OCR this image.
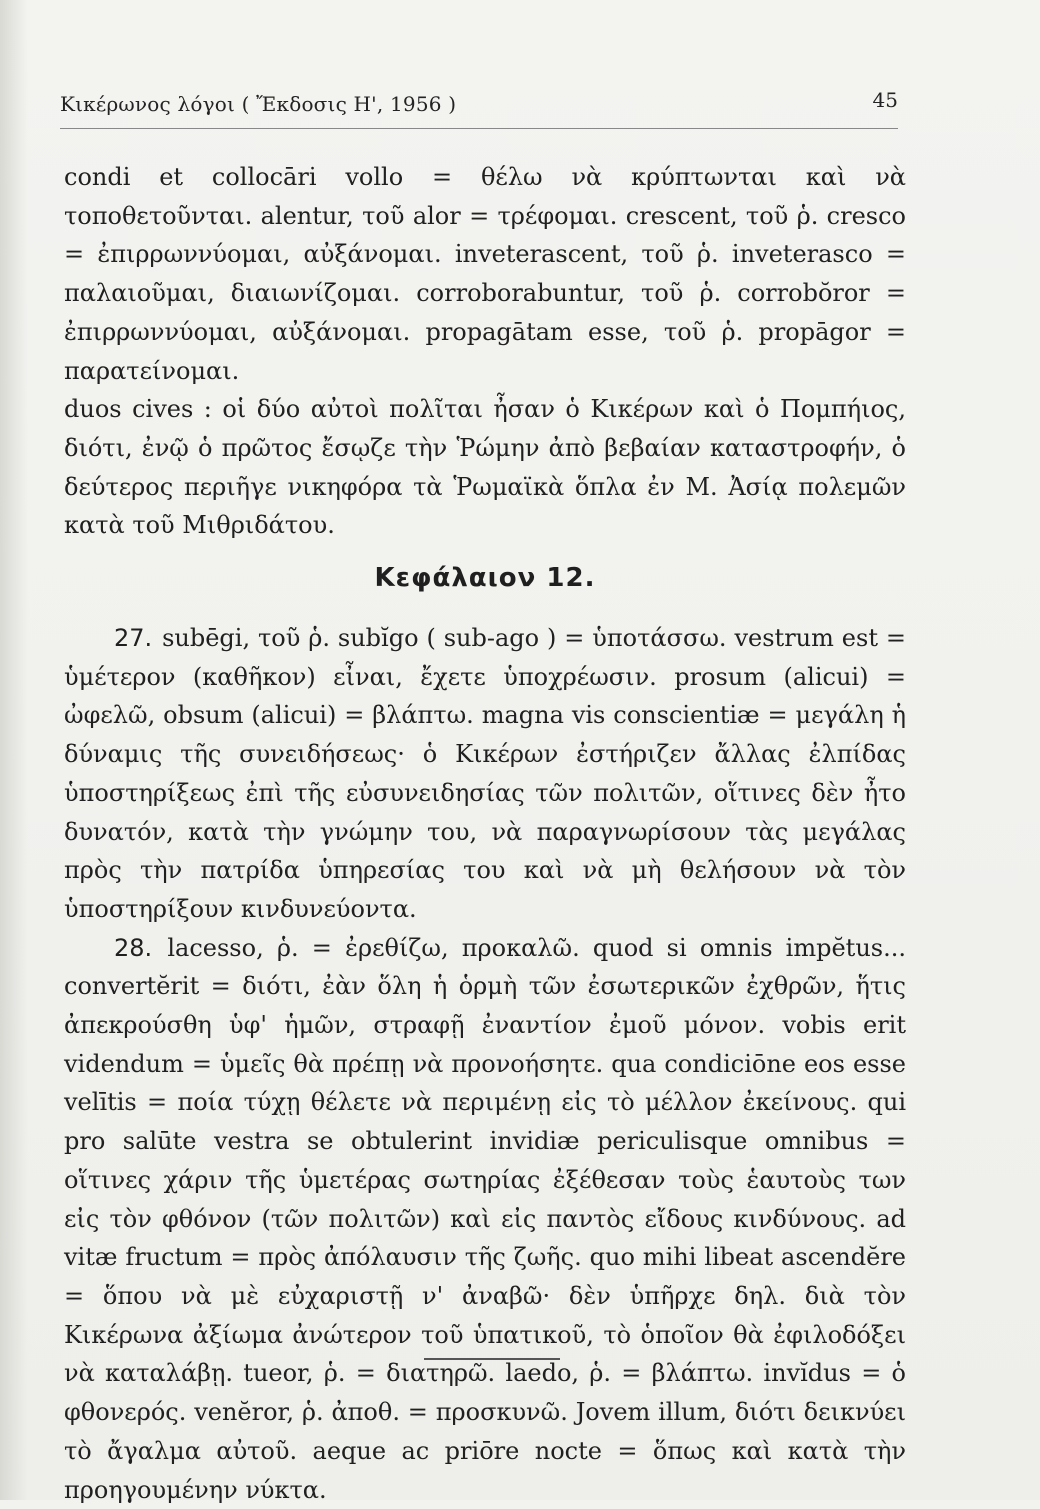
Κικέρωνος λόγοι ( Ἔκδοσις Η', 1956 )	45

condi et collocāri vollo = θέλω νὰ κρύπτωνται καὶ νὰ τοποθετοῦνται. alentur, τοῦ alor = τρέφομαι. crescent, τοῦ ῥ. cresco = ἐπιρρωννύομαι, αὐξάνομαι. inveterascent, τοῦ ῥ. inveterasco = παλαιοῦμαι, διαιωνίζομαι. corroborabuntur, τοῦ ῥ. corrobŏror = ἐπιρρωννύομαι, αὐξάνομαι. propagātam esse, τοῦ ῥ. propāgor = παρατείνομαι.

duos cives : οἱ δύο αὐτοὶ πολῖται ἦσαν ὁ Κικέρων καὶ ὁ Πομπήιος, διότι, ἐνῷ ὁ πρῶτος ἔσῳζε τὴν Ῥώμην ἀπὸ βεβαίαν καταστροφήν, ὁ δεύτερος περιῆγε νικηφόρα τὰ Ῥωμαϊκὰ ὅπλα ἐν Μ. Ἀσίᾳ πολεμῶν κατὰ τοῦ Μιθριδάτου.

Κεφάλαιον 12.

27. subēgi, τοῦ ῥ. subĭgo ( sub-ago ) = ὑποτάσσω. vestrum est = ὑμέτερον (καθῆκον) εἶναι, ἔχετε ὑποχρέωσιν. prosum (alicui) = ὠφελῶ, obsum (alicui) = βλάπτω. magna vis conscientiæ = μεγάλη ἡ δύναμις τῆς συνειδήσεως· ὁ Κικέρων ἐστήριζεν ἄλλας ἐλπίδας ὑποστηρίξεως ἐπὶ τῆς εὐσυνειδησίας τῶν πολιτῶν, οἵτινες δὲν ἦτο δυνατόν, κατὰ τὴν γνώμην του, νὰ παραγνωρίσουν τὰς μεγάλας πρὸς τὴν πατρίδα ὑπηρεσίας του καὶ νὰ μὴ θελήσουν νὰ τὸν ὑποστηρίξουν κινδυνεύοντα.

28. lacesso, ῥ. = ἐρεθίζω, προκαλῶ. quod si omnis impĕtus... convertĕrit = διότι, ἐὰν ὅλη ἡ ὁρμὴ τῶν ἐσωτερικῶν ἐχθρῶν, ἥτις ἀπεκρούσθη ὑφ' ἡμῶν, στραφῇ ἐναντίον ἐμοῦ μόνον. vobis erit videndum = ὑμεῖς θὰ πρέπῃ νὰ προνοήσητε. qua condiciōne eos esse velītis = ποία τύχῃ θέλετε νὰ περιμένῃ εἰς τὸ μέλλον ἐκείνους. qui pro salūte vestra se obtulerint invidiæ periculisque omnibus = οἵτινες χάριν τῆς ὑμετέρας σωτηρίας ἐξέθεσαν τοὺς ἑαυτοὺς των εἰς τὸν φθόνον (τῶν πολιτῶν) καὶ εἰς παντὸς εἴδους κινδύνους. ad vitæ fructum = πρὸς ἀπόλαυσιν τῆς ζωῆς. quo mihi libeat ascendĕre = ὅπου νὰ μὲ εὐχαριστῇ ν' ἀναβῶ· δὲν ὑπῆρχε δηλ. διὰ τὸν Κικέρωνα ἀξίωμα ἀνώτερον τοῦ ὑπατικοῦ, τὸ ὁποῖον θὰ ἐφιλοδόξει νὰ καταλάβῃ. tueor, ῥ. = διατηρῶ. laedo, ῥ. = βλάπτω. invĭdus = ὁ φθονερός. venĕror, ῥ. ἀποθ. = προσκυνῶ. Jovem illum, διότι δεικνύει τὸ ἄγαλμα αὐτοῦ. aeque ac priōre nocte = ὅπως καὶ κατὰ τὴν προηγουμένην νύκτα.
